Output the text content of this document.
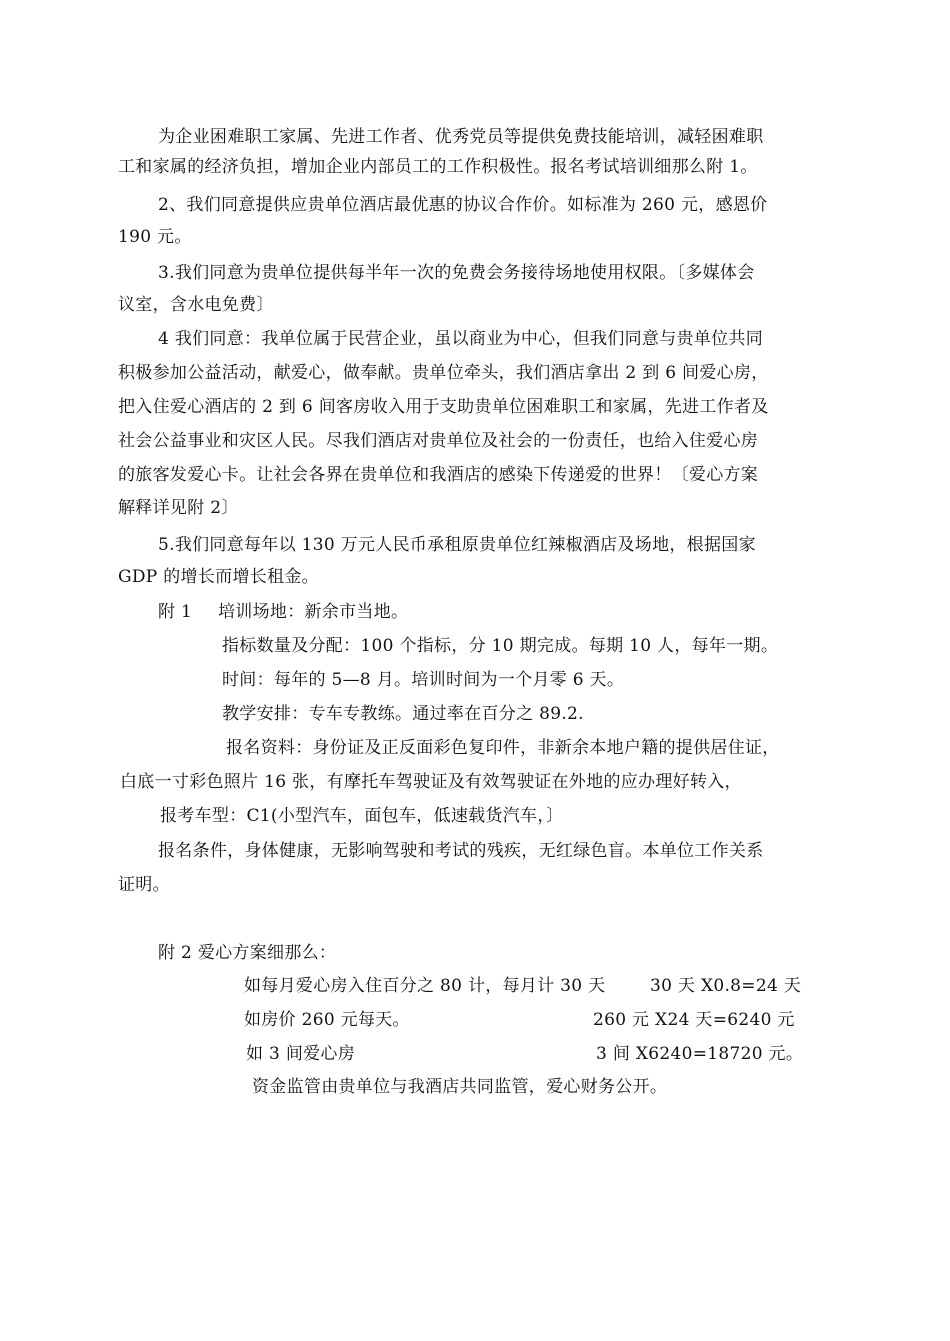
为企业困难职工家属、先进工作者、优秀党员等提供免费技能培训，减轻困难职
工和家属的经济负担，增加企业内部员工的工作积极性。报名考试培训细那么附 1。
2、我们同意提供应贵单位酒店最优惠的协议合作价。如标准为 260 元，感恩价
190 元。
3.我们同意为贵单位提供每半年一次的免费会务接待场地使用权限。〔多媒体会
议室，含水电免费〕
4 我们同意：我单位属于民营企业，虽以商业为中心，但我们同意与贵单位共同
积极参加公益活动，献爱心，做奉献。贵单位牵头，我们酒店拿出 2 到 6 间爱心房，
把入住爱心酒店的 2 到 6 间客房收入用于支助贵单位困难职工和家属，先进工作者及
社会公益事业和灾区人民。尽我们酒店对贵单位及社会的一份责任，也给入住爱心房
的旅客发爱心卡。让社会各界在贵单位和我酒店的感染下传递爱的世界！〔爱心方案
解释详见附 2〕
5.我们同意每年以 130 万元人民币承租原贵单位红辣椒酒店及场地，根据国家
GDP 的增长而增长租金。
附 1 培训场地：新余市当地。
指标数量及分配：100 个指标，分 10 期完成。每期 10 人，每年一期。
时间：每年的 5—8 月。培训时间为一个月零 6 天。
教学安排：专车专教练。通过率在百分之 89.2.
报名资料：身份证及正反面彩色复印件，非新余本地户籍的提供居住证，
白底一寸彩色照片 16 张，有摩托车驾驶证及有效驾驶证在外地的应办理好转入，
报考车型：C1(小型汽车，面包车，低速载货汽车，〕
报名条件，身体健康，无影响驾驶和考试的残疾，无红绿色盲。本单位工作关系
证明。
附 2 爱心方案细那么：
如每月爱心房入住百分之 80 计，每月计 30 天	30 天 X0.8=24 天
如房价 260 元每天。	260 元 X24 天=6240 元
如 3 间爱心房	3 间 X6240=18720 元。
资金监管由贵单位与我酒店共同监管，爱心财务公开。
